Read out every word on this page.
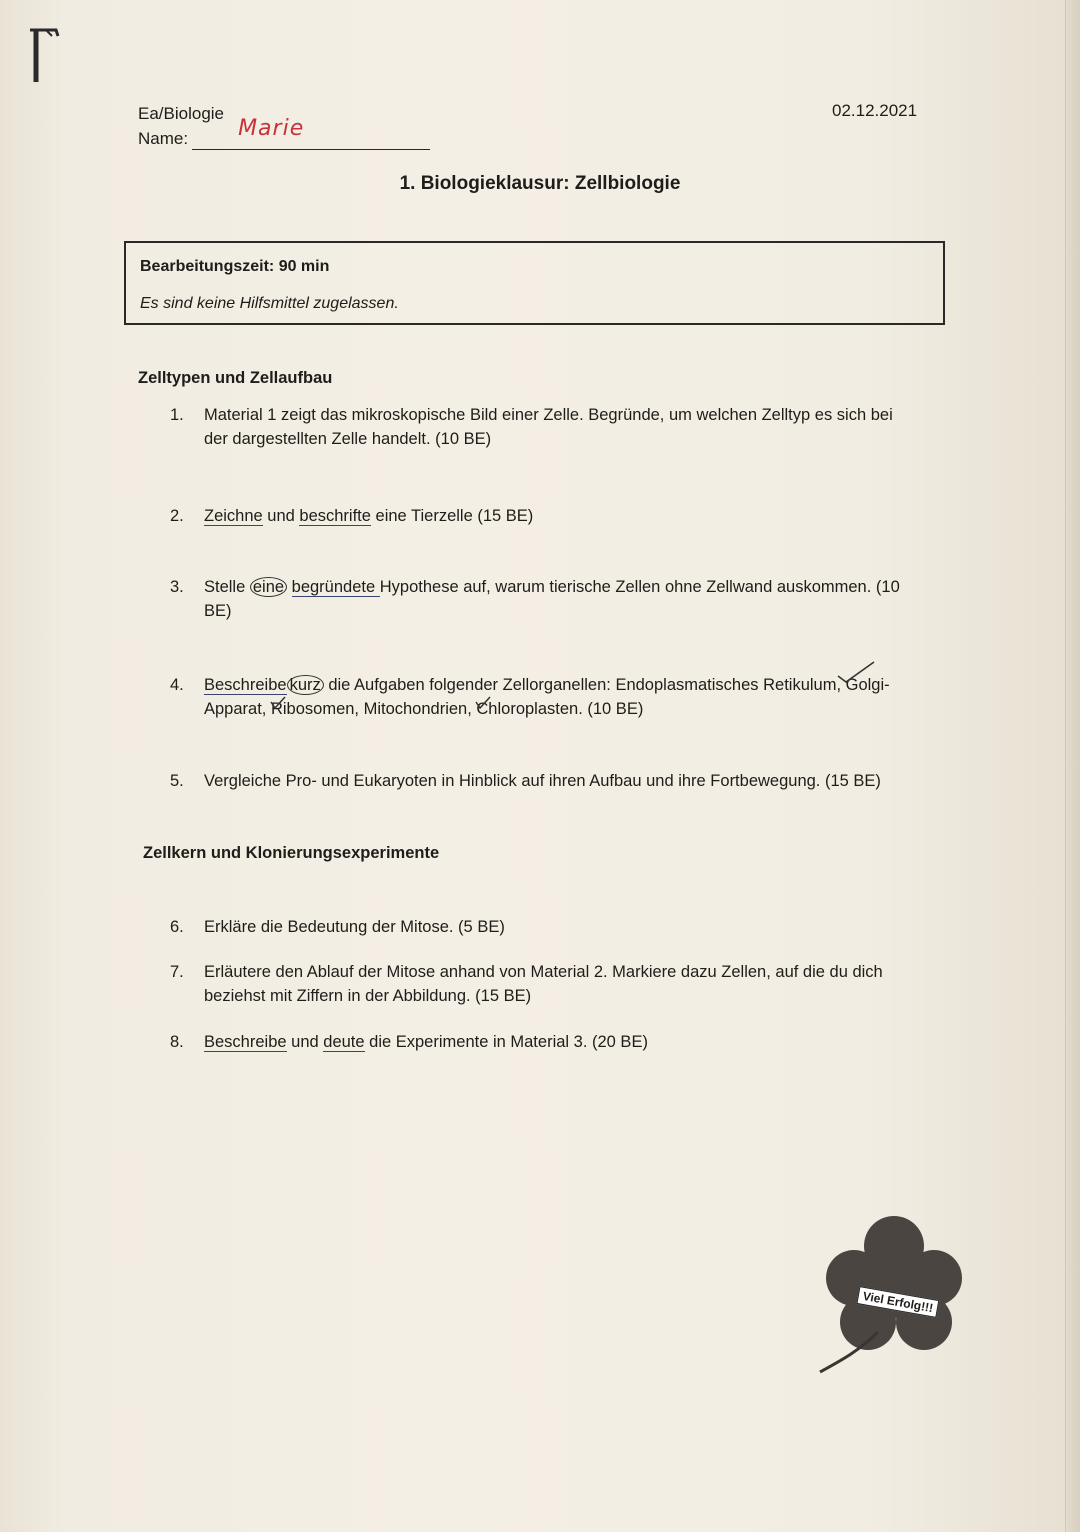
Ea/Biologie
Name: Marie
02.12.2021
1. Biologieklausur: Zellbiologie
Bearbeitungszeit: 90 min
Es sind keine Hilfsmittel zugelassen.
Zelltypen und Zellaufbau
1.	Material 1 zeigt das mikroskopische Bild einer Zelle. Begründe, um welchen Zelltyp es sich bei der dargestellten Zelle handelt. (10 BE)
2.	Zeichne und beschrifte eine Tierzelle (15 BE)
3.	Stelle eine begründete Hypothese auf, warum tierische Zellen ohne Zellwand auskommen. (10 BE)
4.	Beschreibe kurz die Aufgaben folgender Zellorganellen: Endoplasmatisches Retikulum, Golgi-Apparat, Ribosomen, Mitochondrien, Chloroplasten. (10 BE)
5.	Vergleiche Pro- und Eukaryoten in Hinblick auf ihren Aufbau und ihre Fortbewegung. (15 BE)
Zellkern und Klonierungsexperimente
6.	Erkläre die Bedeutung der Mitose. (5 BE)
7.	Erläutere den Ablauf der Mitose anhand von Material 2. Markiere dazu Zellen, auf die du dich beziehst mit Ziffern in der Abbildung. (15 BE)
8.	Beschreibe und deute die Experimente in Material 3. (20 BE)
Viel Erfolg!!!
